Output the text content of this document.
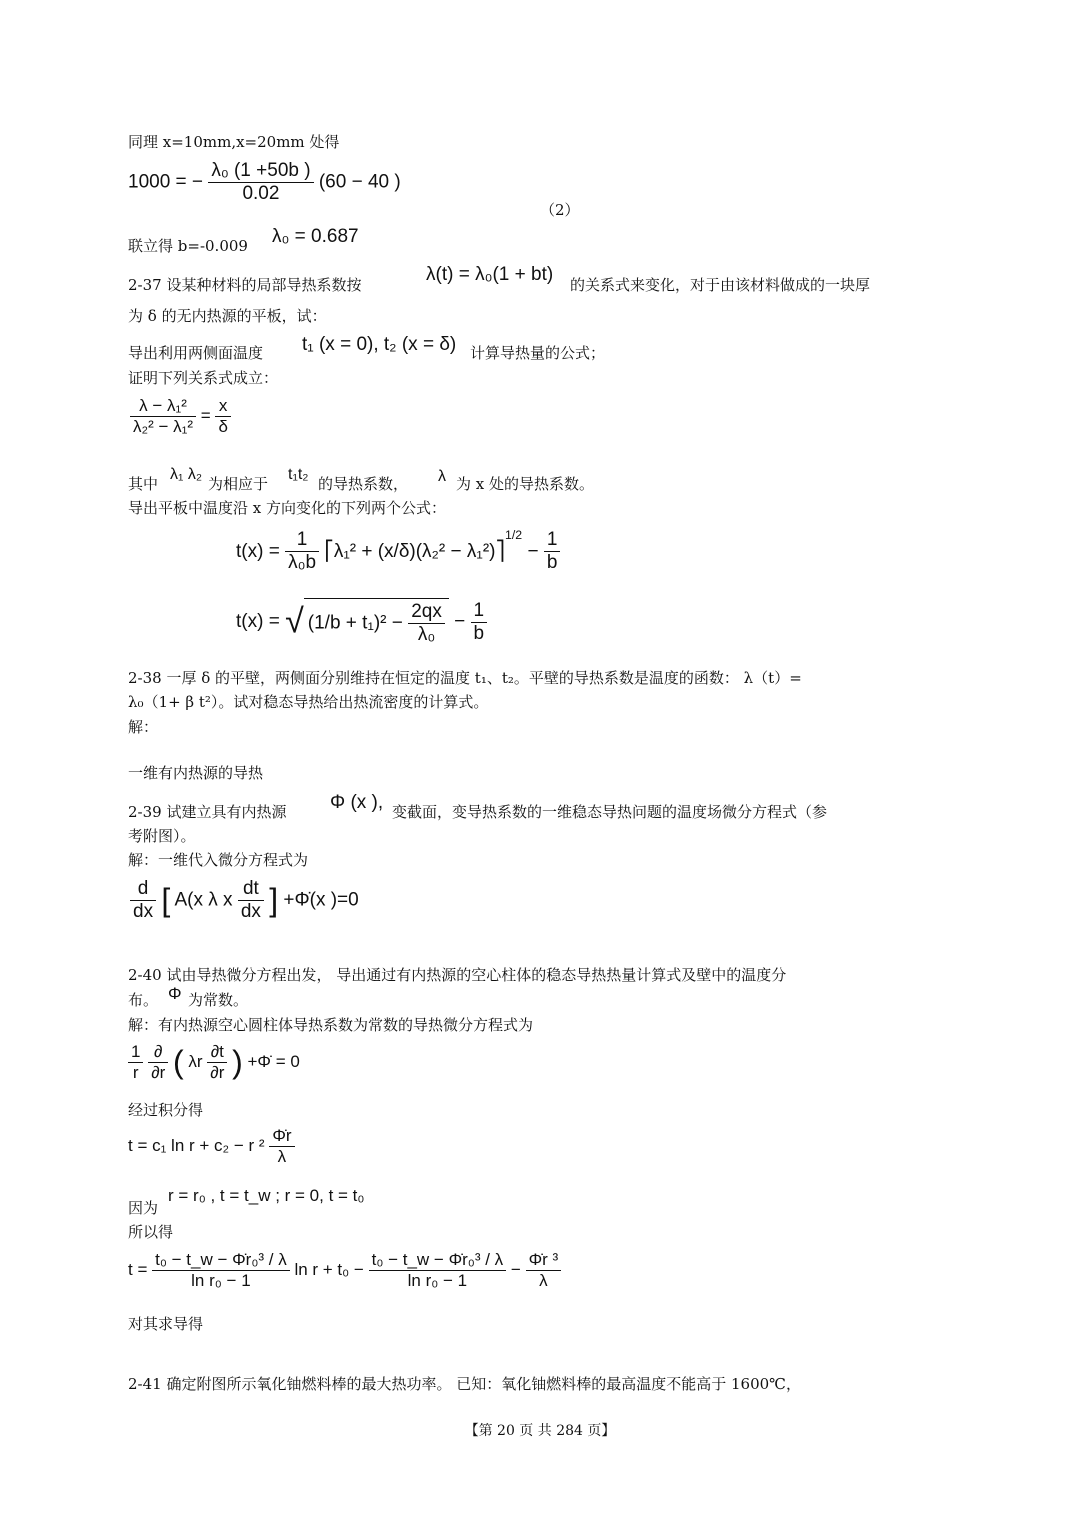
同理 x=10mm,x=20mm 处得
1000 = − $\frac{\text{λ₀ (1 +50b )}}{0.02} (60 - 40$ )
（2）
联立得 b=-0.009 λ₀ = 0.687
2-37 设某种材料的局部导热系数按	λ(t) = λ₀(1 + bt) 的关系式来变化，对于由该材料做成的一块厚
为 δ 的无内热源的平板，试：
导出利用两侧面温度 t₁ (x = 0), t₂ (x = δ) 计算导热量的公式；
证明下列关系式成立：
$\frac{\text{λ − λ₁²}}{\text{λ₂² − λ₁²}} = \frac{x}{\delta}$
其中
λ₁ λ₂
为相应于
t₁t₂
的导热系数， λ 为 x 处的导热系数。
导出平板中温度沿 x 方向变化的下列两个公式：
$t(x) = \frac{1}{\text{λ₀b}}$ ⎡λ₁² + (x/δ)(λ₂² − λ₁²)⎤$^{1/2}$ − $\frac{1}{b}$
t(x) = √ $(1/b + t_1)^2 - \frac{2qx}{\text{λ₀}} - \frac{1}{b}$
2-38 一厚 δ 的平壁，两侧面分别维持在恒定的温度 t₁、t₂。平壁的导热系数是温度的函数： λ（t）=
λ₀（1+ β t²）。试对稳态导热给出热流密度的计算式。
解：
一维有内热源的导热
2-39 试建立具有内热源 Φ (x ), 变截面，变导热系数的一维稳态导热问题的温度场微分方程式（参
考附图）。
解：一维代入微分方程式为
$\frac{d}{dx}$ [ A(x λ x $\frac{dt}{dx}$ ] +Φ̇(x )=0
2-40 试由导热微分方程出发， 导出通过有内热源的空心柱体的稳态导热热量计算式及壁中的温度分
布。 Φ 为常数。
解：有内热源空心圆柱体导热系数为常数的导热微分方程式为
$\frac{1}{r}$
$\frac{\partial}{\partial r}$ ( λr $\frac{\partial t}{\partial r}$ ) +Φ̇ = 0
经过积分得
t = c₁ ln r + c₂ − r $^2 \frac{\Phi̇r}{\lambda}$
因为
r = r₀ , t = t_w ; r = 0, t = t₀
所以得
$t = \frac{\text{t₀ − t\_w − Φ̇r₀³ / λ}}{\text{ln r₀ − 1}}$ $\ln r + t_0 - \frac{\text{t₀ − t\_w − Φ̇r₀³ / λ}}{\text{ln r₀ − 1}} - \frac{\text{Φ̇r ³}}{\lambda}$
对其求导得
2-41 确定附图所示氧化铀燃料棒的最大热功率。 已知：氧化铀燃料棒的最高温度不能高于 1600℃，
【第 20 页 共 284 页】
